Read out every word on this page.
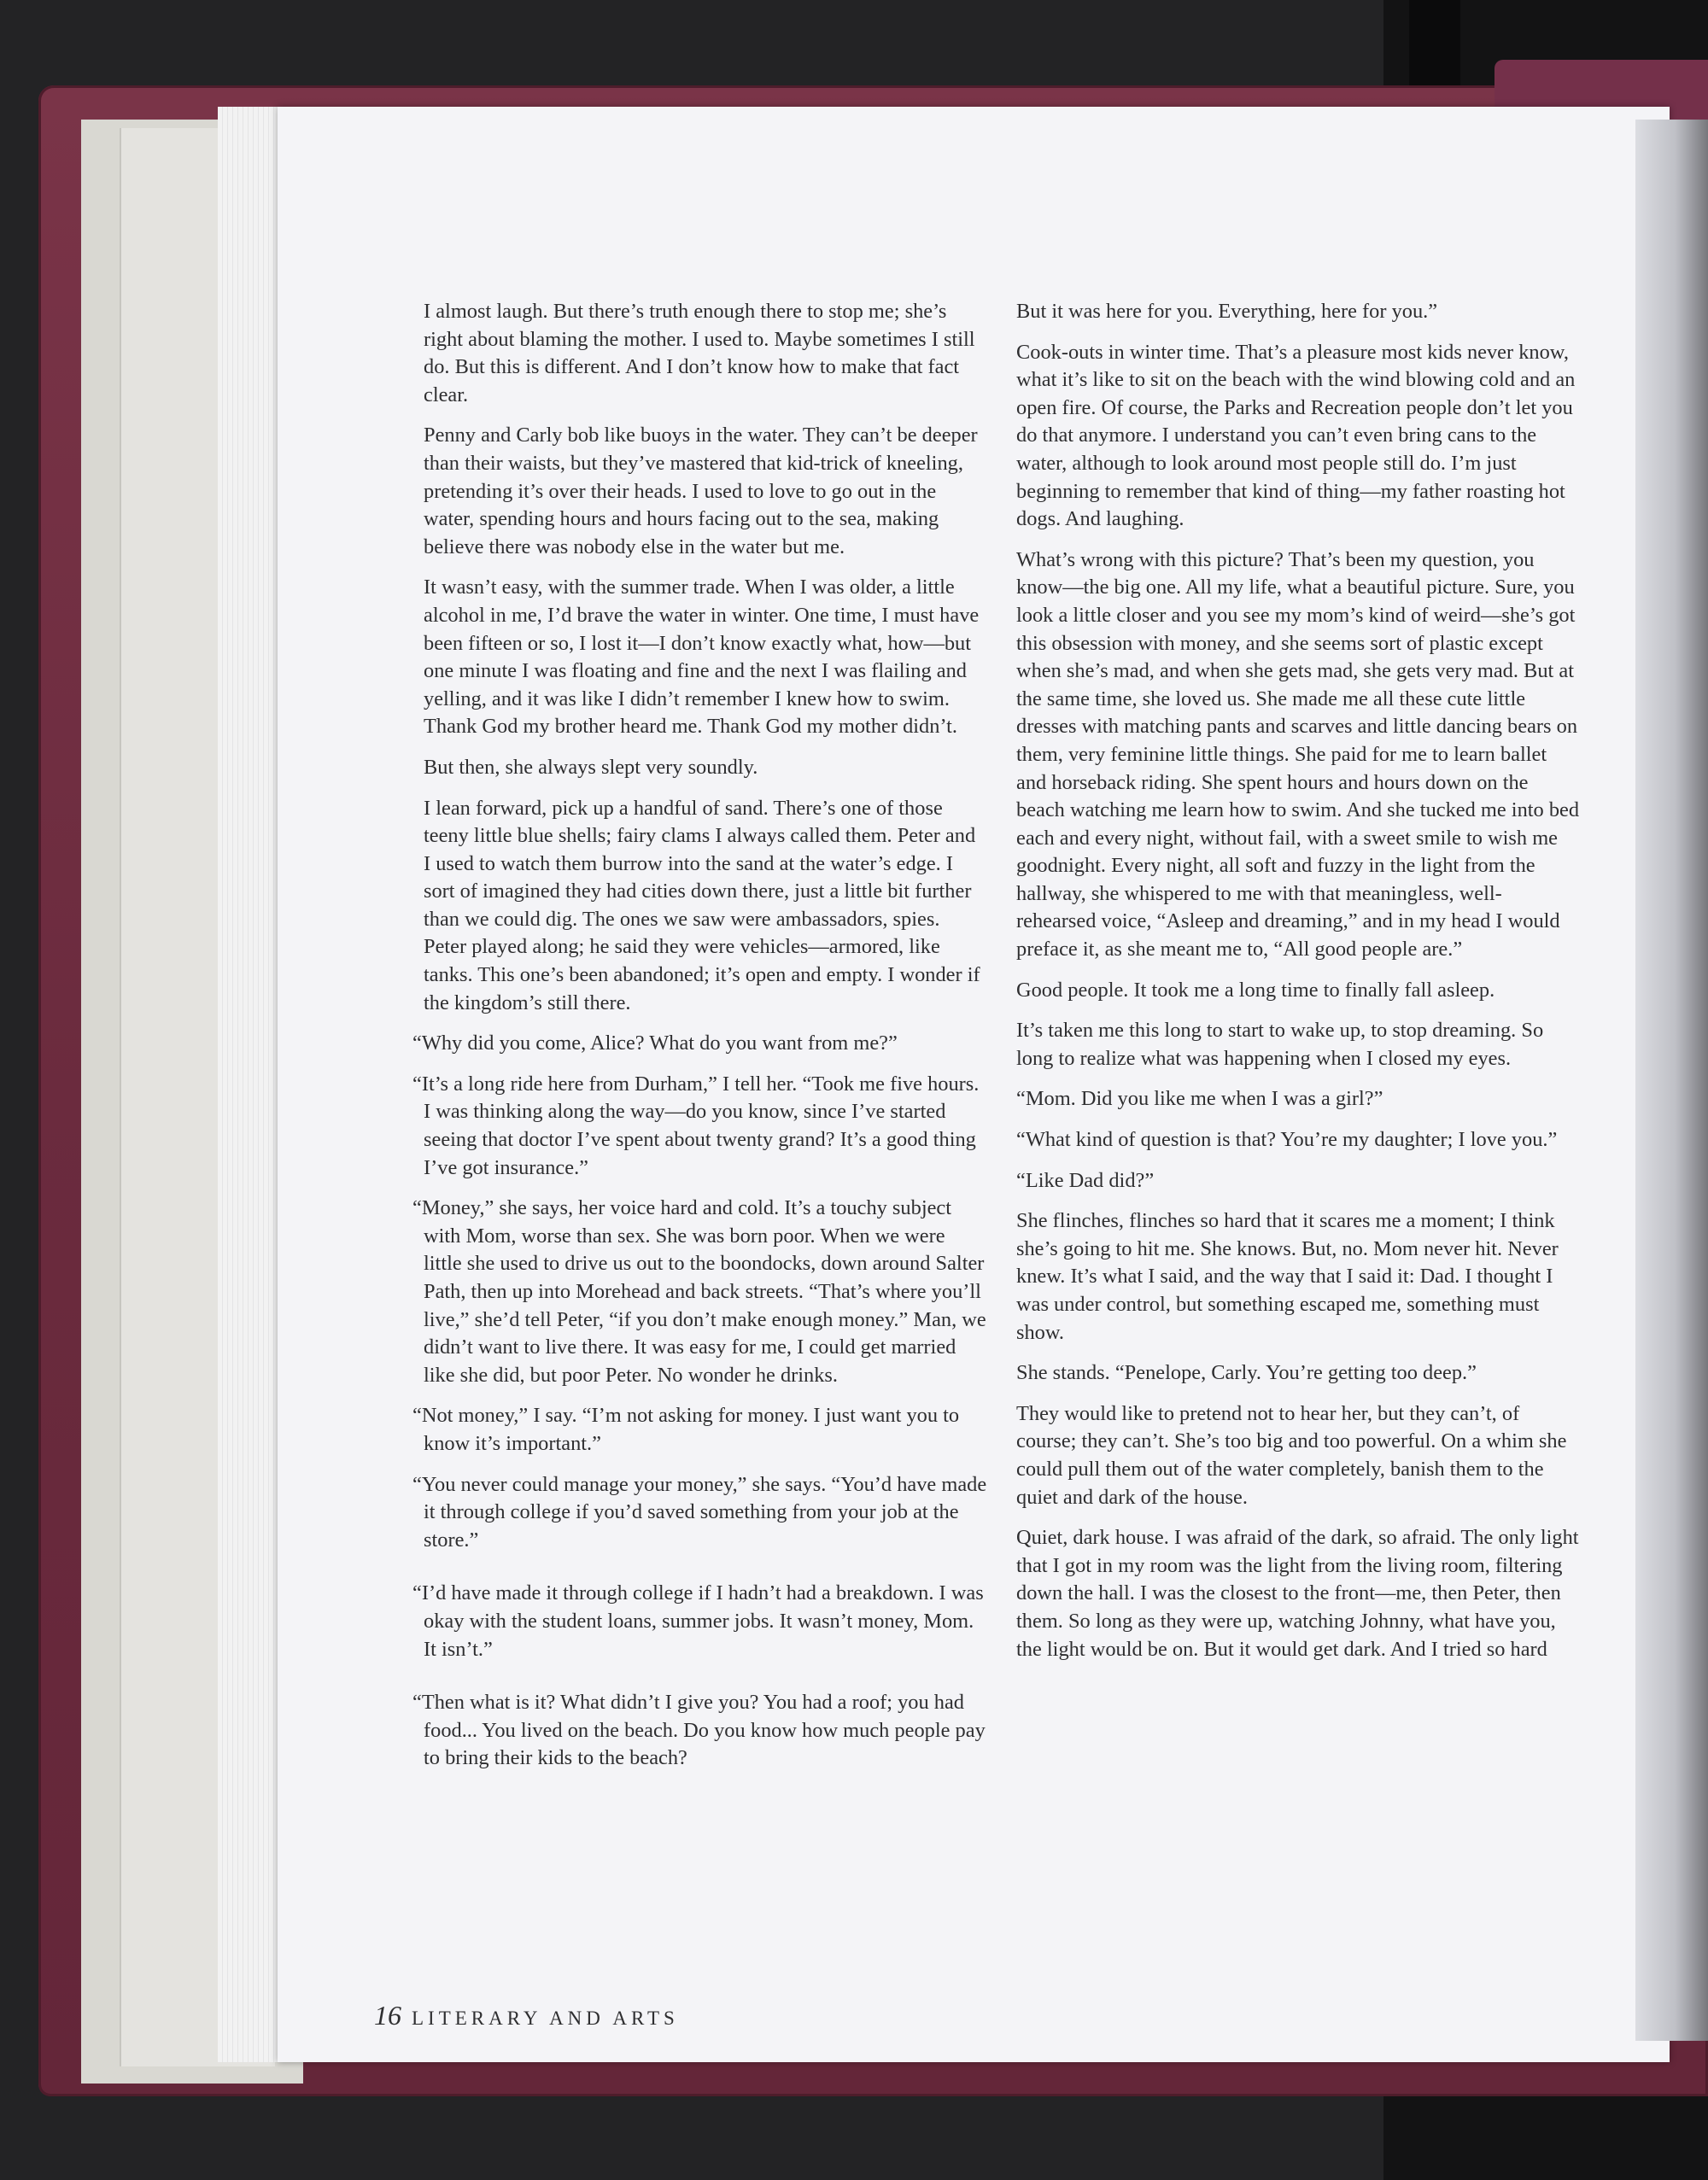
I almost laugh. But there’s truth enough there to stop me; she’s right about blaming the mother. I used to. Maybe sometimes I still do. But this is different. And I don’t know how to make that fact clear.

Penny and Carly bob like buoys in the water. They can’t be deeper than their waists, but they’ve mastered that kid-trick of kneeling, pretending it’s over their heads. I used to love to go out in the water, spending hours and hours facing out to the sea, making believe there was nobody else in the water but me.

It wasn’t easy, with the summer trade. When I was older, a little alcohol in me, I’d brave the water in winter. One time, I must have been fifteen or so, I lost it—I don’t know exactly what, how—but one minute I was floating and fine and the next I was flailing and yelling, and it was like I didn’t remember I knew how to swim. Thank God my brother heard me. Thank God my mother didn’t.

But then, she always slept very soundly.

I lean forward, pick up a handful of sand. There’s one of those teeny little blue shells; fairy clams I always called them. Peter and I used to watch them burrow into the sand at the water’s edge. I sort of imagined they had cities down there, just a little bit further than we could dig. The ones we saw were ambassadors, spies. Peter played along; he said they were vehicles—armored, like tanks. This one’s been abandoned; it’s open and empty. I wonder if the kingdom’s still there.

“Why did you come, Alice? What do you want from me?”

“It’s a long ride here from Durham,” I tell her. “Took me five hours. I was thinking along the way—do you know, since I’ve started seeing that doctor I’ve spent about twenty grand? It’s a good thing I’ve got insurance.”

“Money,” she says, her voice hard and cold. It’s a touchy subject with Mom, worse than sex. She was born poor. When we were little she used to drive us out to the boondocks, down around Salter Path, then up into Morehead and back streets. “That’s where you’ll live,” she’d tell Peter, “if you don’t make enough money.” Man, we didn’t want to live there. It was easy for me, I could get married like she did, but poor Peter. No wonder he drinks.

“Not money,” I say. “I’m not asking for money. I just want you to know it’s important.”

“You never could manage your money,” she says. “You’d have made it through college if you’d saved something from your job at the store.”

“I’d have made it through college if I hadn’t had a breakdown. I was okay with the student loans, summer jobs. It wasn’t money, Mom. It isn’t.”

“Then what is it? What didn’t I give you? You had a roof; you had food... You lived on the beach. Do you know how much people pay to bring their kids to the beach?

But it was here for you. Everything, here for you.”

Cook-outs in winter time. That’s a pleasure most kids never know, what it’s like to sit on the beach with the wind blowing cold and an open fire. Of course, the Parks and Recreation people don’t let you do that anymore. I understand you can’t even bring cans to the water, although to look around most people still do. I’m just beginning to remember that kind of thing—my father roasting hot dogs. And laughing.

What’s wrong with this picture? That’s been my question, you know—the big one. All my life, what a beautiful picture. Sure, you look a little closer and you see my mom’s kind of weird—she’s got this obsession with money, and she seems sort of plastic except when she’s mad, and when she gets mad, she gets very mad. But at the same time, she loved us. She made me all these cute little dresses with matching pants and scarves and little dancing bears on them, very feminine little things. She paid for me to learn ballet and horseback riding. She spent hours and hours down on the beach watching me learn how to swim. And she tucked me into bed each and every night, without fail, with a sweet smile to wish me goodnight. Every night, all soft and fuzzy in the light from the hallway, she whispered to me with that meaningless, well-rehearsed voice, “Asleep and dreaming,” and in my head I would preface it, as she meant me to, “All good people are.”

Good people. It took me a long time to finally fall asleep.

It’s taken me this long to start to wake up, to stop dreaming. So long to realize what was happening when I closed my eyes.

“Mom. Did you like me when I was a girl?”

“What kind of question is that? You’re my daughter; I love you.”

“Like Dad did?”

She flinches, flinches so hard that it scares me a moment; I think she’s going to hit me. She knows. But, no. Mom never hit. Never knew. It’s what I said, and the way that I said it: Dad. I thought I was under control, but something escaped me, something must show.

She stands. “Penelope, Carly. You’re getting too deep.”

They would like to pretend not to hear her, but they can’t, of course; they can’t. She’s too big and too powerful. On a whim she could pull them out of the water completely, banish them to the quiet and dark of the house.

Quiet, dark house. I was afraid of the dark, so afraid. The only light that I got in my room was the light from the living room, filtering down the hall. I was the closest to the front—me, then Peter, then them. So long as they were up, watching Johnny, what have you, the light would be on. But it would get dark. And I tried so hard

16 LITERARY AND ARTS
